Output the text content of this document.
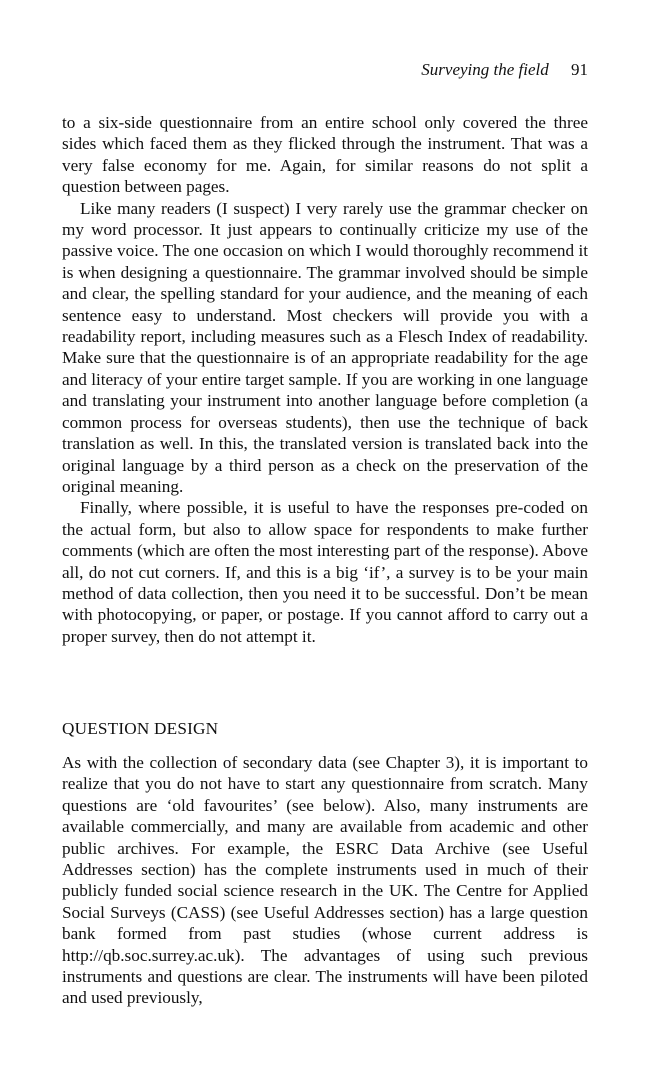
Surveying the field 91

to a six-side questionnaire from an entire school only covered the three sides which faced them as they flicked through the instrument. That was a very false economy for me. Again, for similar reasons do not split a question between pages.

Like many readers (I suspect) I very rarely use the grammar checker on my word processor. It just appears to continually criticize my use of the passive voice. The one occasion on which I would thoroughly recommend it is when designing a questionnaire. The grammar involved should be simple and clear, the spelling standard for your audience, and the meaning of each sentence easy to understand. Most checkers will provide you with a readability report, including measures such as a Flesch Index of readability. Make sure that the questionnaire is of an appropriate readability for the age and literacy of your entire target sample. If you are working in one language and translating your instrument into another language before completion (a common process for overseas students), then use the technique of back translation as well. In this, the translated version is translated back into the original language by a third person as a check on the preservation of the original meaning.

Finally, where possible, it is useful to have the responses pre-coded on the actual form, but also to allow space for respondents to make further comments (which are often the most interesting part of the response). Above all, do not cut corners. If, and this is a big ‘if’, a survey is to be your main method of data collection, then you need it to be successful. Don’t be mean with photocopying, or paper, or postage. If you cannot afford to carry out a proper survey, then do not attempt it.

QUESTION DESIGN

As with the collection of secondary data (see Chapter 3), it is important to realize that you do not have to start any questionnaire from scratch. Many questions are ‘old favourites’ (see below). Also, many instruments are available commercially, and many are available from academic and other public archives. For example, the ESRC Data Archive (see Useful Addresses section) has the complete instruments used in much of their publicly funded social science research in the UK. The Centre for Applied Social Surveys (CASS) (see Useful Addresses section) has a large question bank formed from past studies (whose current address is http://qb.soc.surrey.ac.uk). The advantages of using such previous instruments and questions are clear. The instruments will have been piloted and used previously,
